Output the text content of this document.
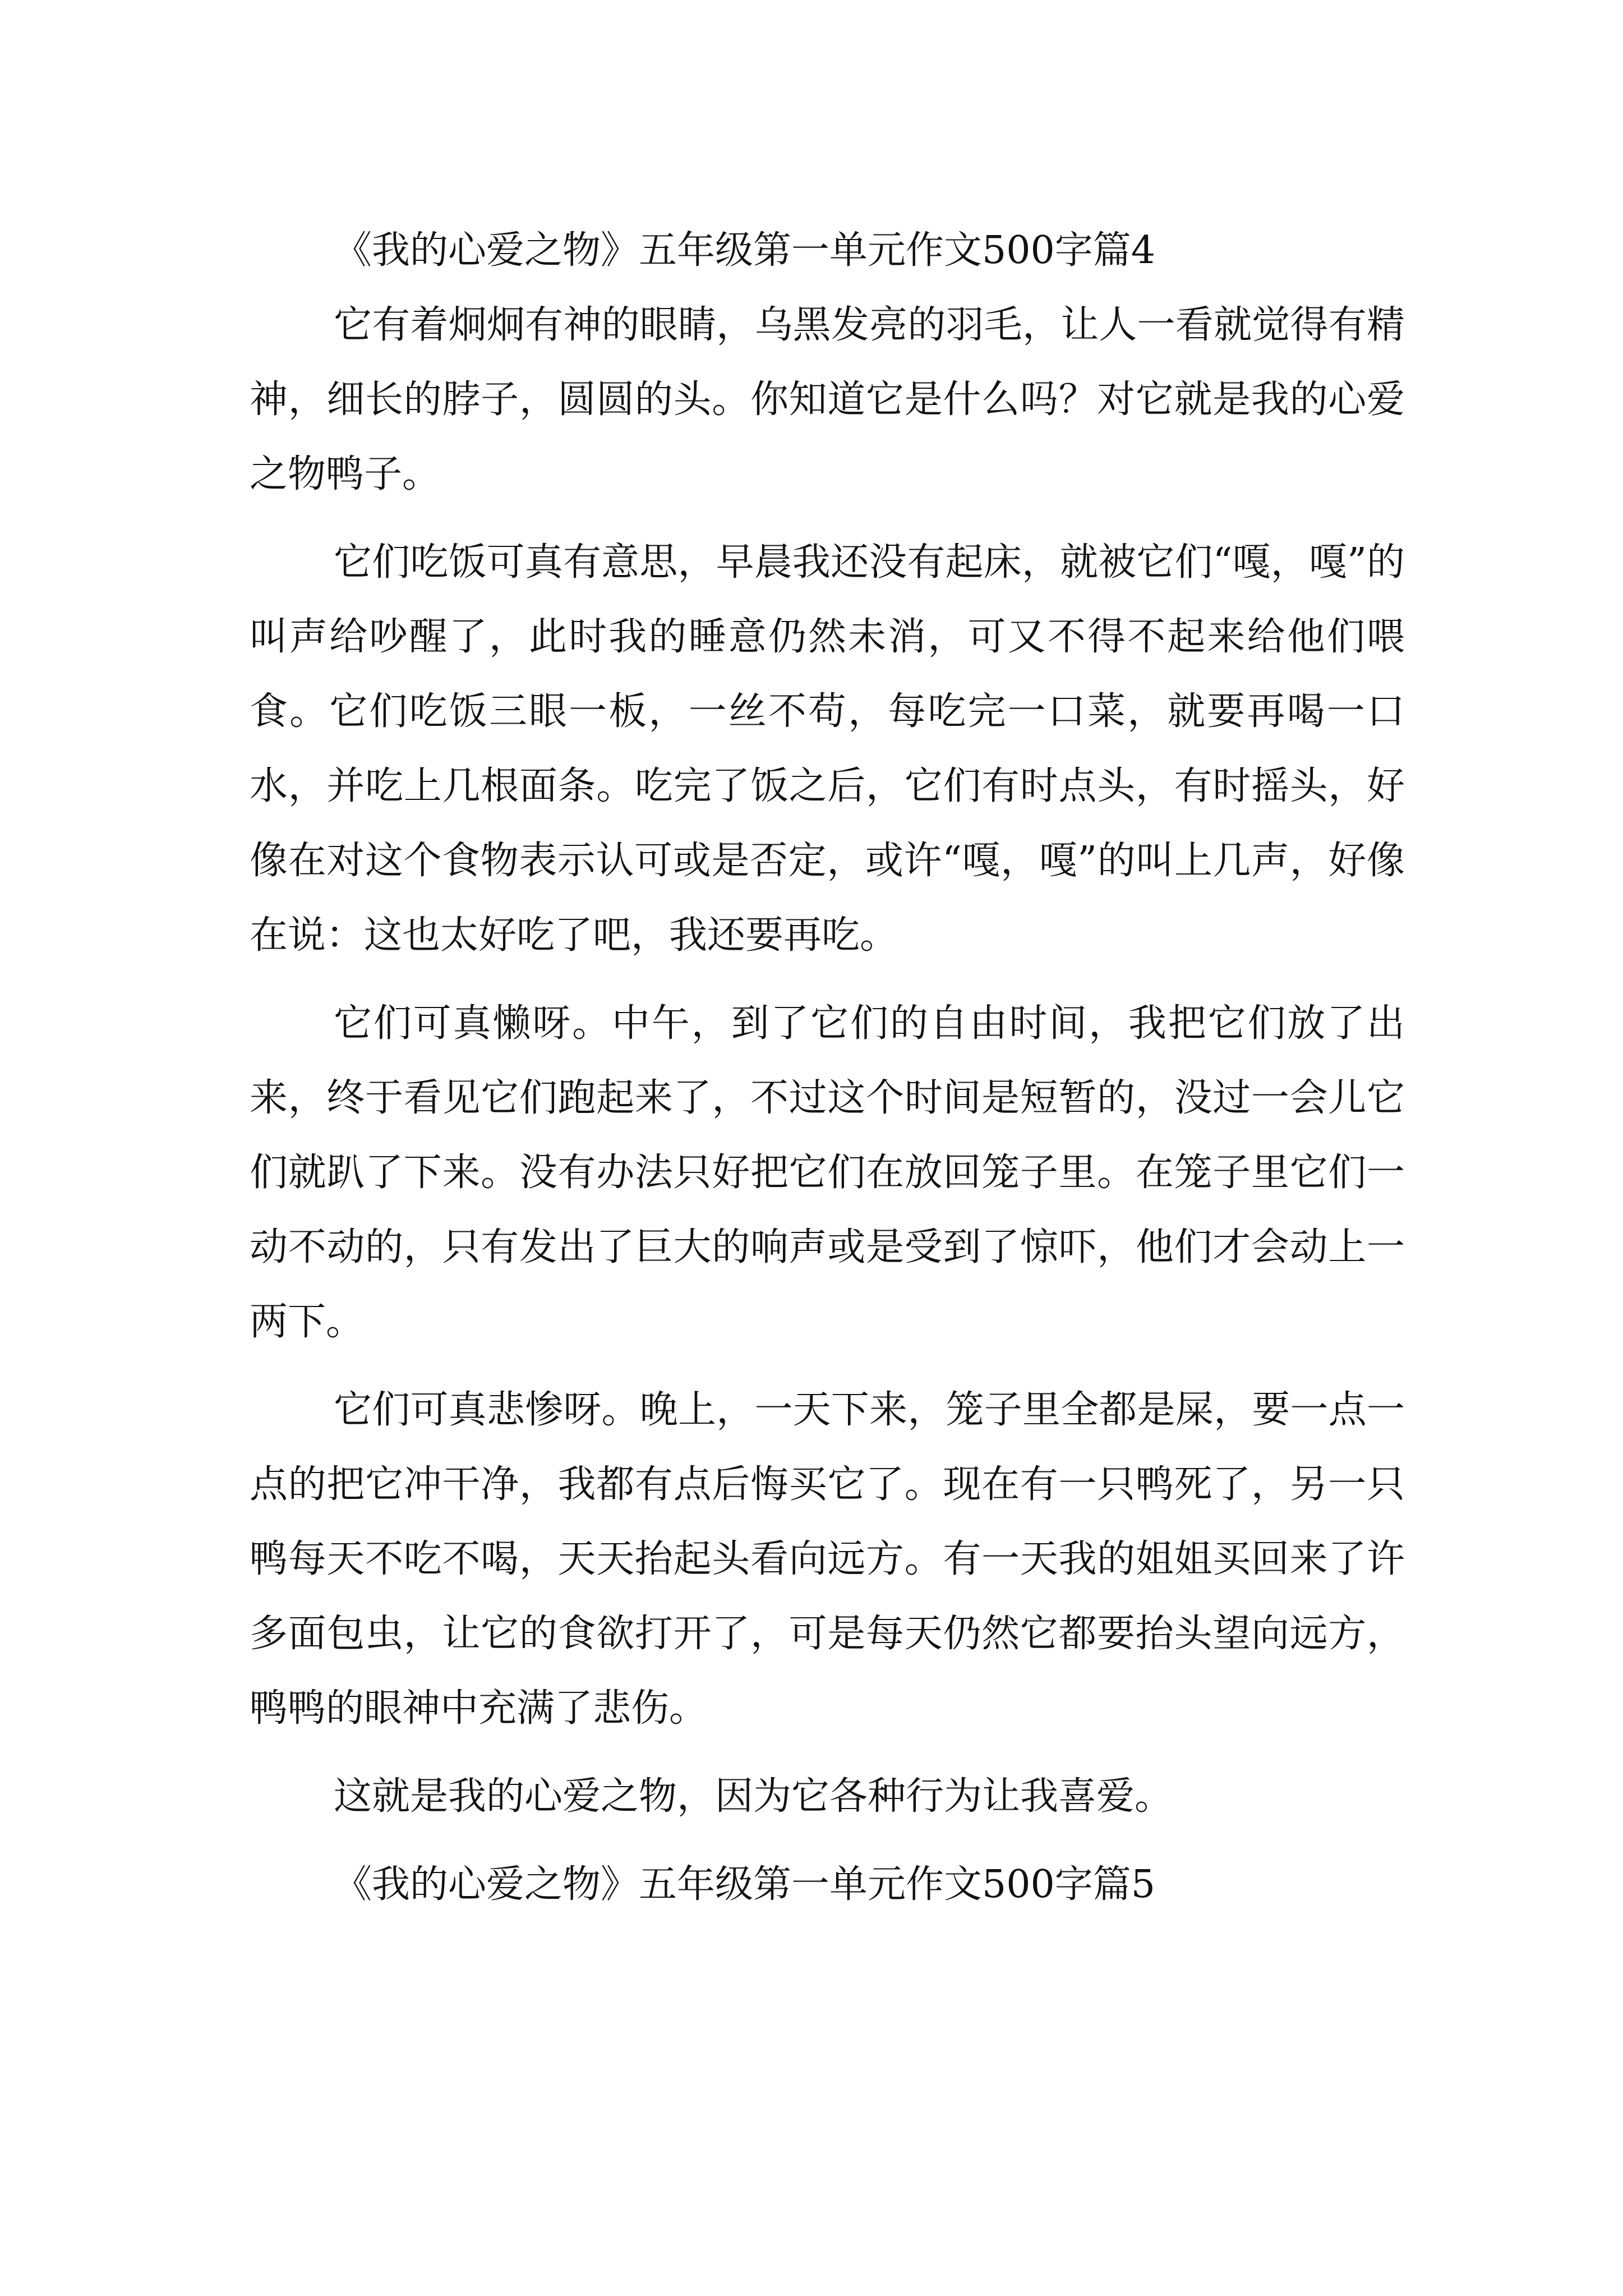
《我的心爱之物》五年级第一单元作文500字篇4

它有着炯炯有神的眼睛，乌黑发亮的羽毛，让人一看就觉得有精神，细长的脖子，圆圆的头。你知道它是什么吗？对它就是我的心爱之物鸭子。

它们吃饭可真有意思，早晨我还没有起床，就被它们“嘎，嘎”的叫声给吵醒了，此时我的睡意仍然未消，可又不得不起来给他们喂食。它们吃饭三眼一板，一丝不苟，每吃完一口菜，就要再喝一口水，并吃上几根面条。吃完了饭之后，它们有时点头，有时摇头，好像在对这个食物表示认可或是否定，或许“嘎，嘎”的叫上几声，好像在说：这也太好吃了吧，我还要再吃。

它们可真懒呀。中午，到了它们的自由时间，我把它们放了出来，终于看见它们跑起来了，不过这个时间是短暂的，没过一会儿它们就趴了下来。没有办法只好把它们在放回笼子里。在笼子里它们一动不动的，只有发出了巨大的响声或是受到了惊吓，他们才会动上一两下。

它们可真悲惨呀。晚上，一天下来，笼子里全都是屎，要一点一点的把它冲干净，我都有点后悔买它了。现在有一只鸭死了，另一只鸭每天不吃不喝，天天抬起头看向远方。有一天我的姐姐买回来了许多面包虫，让它的食欲打开了，可是每天仍然它都要抬头望向远方，鸭鸭的眼神中充满了悲伤。

这就是我的心爱之物，因为它各种行为让我喜爱。

《我的心爱之物》五年级第一单元作文500字篇5
